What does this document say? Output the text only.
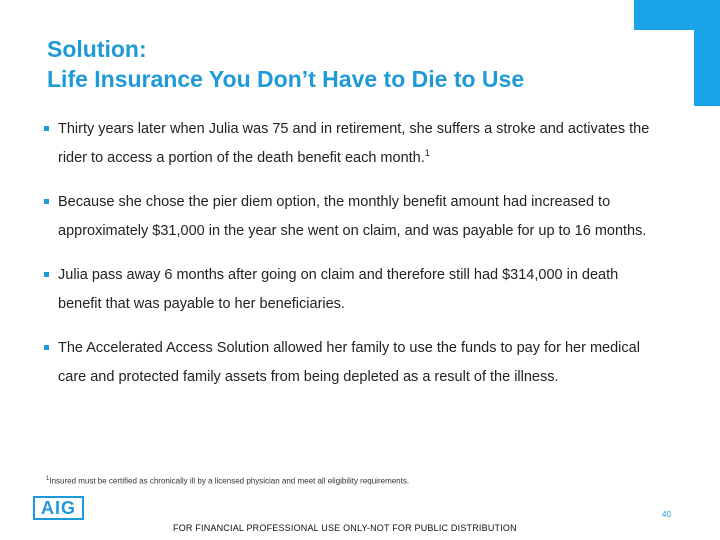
Solution:
Life Insurance You Don’t Have to Die to Use
Thirty years later when Julia was 75 and in retirement, she suffers a stroke and activates the rider to access a portion of the death benefit each month.$^1$
Because she chose the pier diem option, the monthly benefit amount had increased to approximately $31,000 in the year she went on claim, and was payable for up to 16 months.
Julia pass away 6 months after going on claim and therefore still had $314,000 in death benefit that was payable to her beneficiaries.
The Accelerated Access Solution allowed her family to use the funds to pay for her medical care and protected family assets from being depleted as a result of the illness.
$^1$Insured must be certified as chronically ill by a licensed physician and meet all eligibility requirements.
AIG	40
FOR FINANCIAL PROFESSIONAL USE ONLY-NOT FOR PUBLIC DISTRIBUTION
